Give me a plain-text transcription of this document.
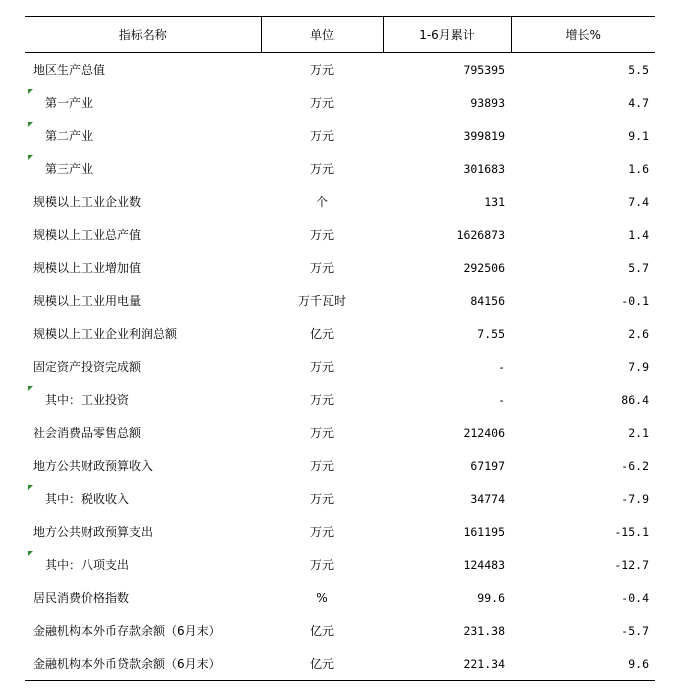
指标名称	单位	1-6月累计	增长%
地区生产总值	万元	795395	5.5

第一产业	万元	93893	4.7

第二产业	万元	399819	9.1

第三产业	万元	301683	1.6
规模以上工业企业数	个	131	7.4
规模以上工业总产值	万元	1626873	1.4
规模以上工业增加值	万元	292506	5.7
规模以上工业用电量	万千瓦时	84156	-0.1
规模以上工业企业利润总额	亿元	7.55	2.6
固定资产投资完成额	万元	-	7.9

其中：工业投资	万元	-	86.4
社会消费品零售总额	万元	212406	2.1
地方公共财政预算收入	万元	67197	-6.2

其中：税收收入	万元	34774	-7.9
地方公共财政预算支出	万元	161195	-15.1

其中：八项支出	万元	124483	-12.7
居民消费价格指数	%	99.6	-0.4
金融机构本外币存款余额（6月末）	亿元	231.38	-5.7
金融机构本外币贷款余额（6月末）	亿元	221.34	9.6
